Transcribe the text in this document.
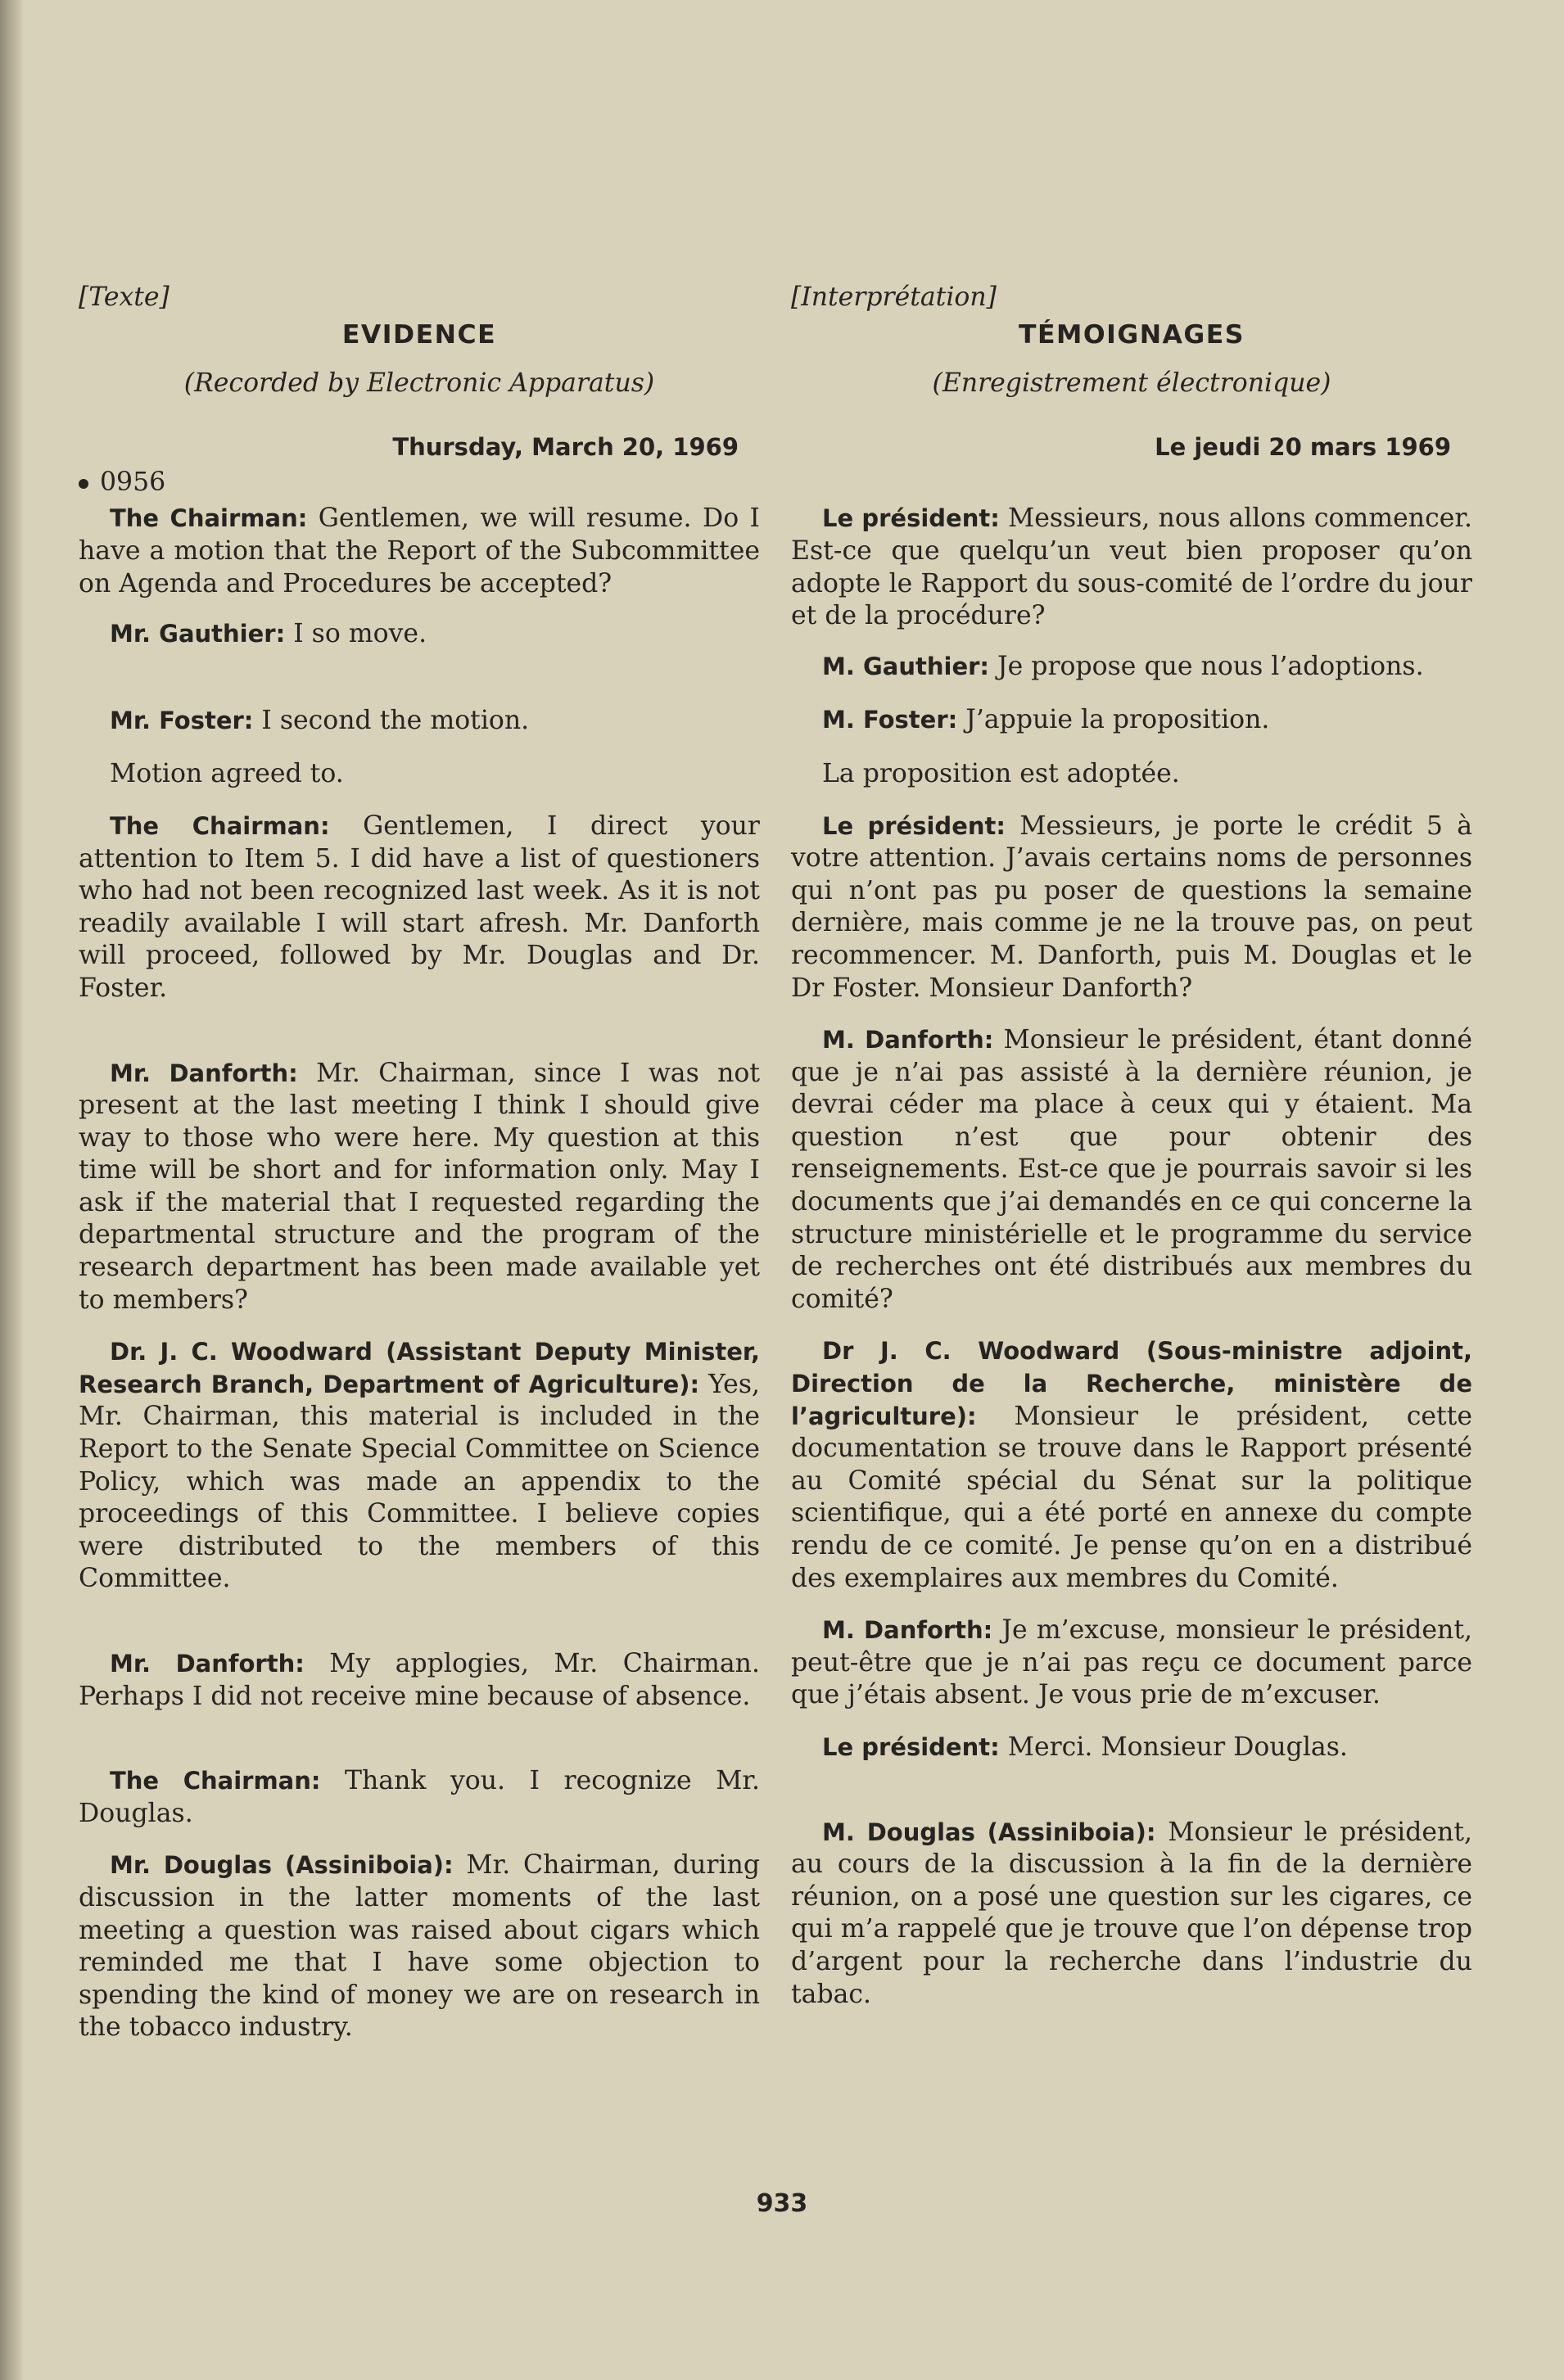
[Texte]
EVIDENCE
(Recorded by Electronic Apparatus)
Thursday, March 20, 1969
0956

The Chairman: Gentlemen, we will resume. Do I have a motion that the Report of the Subcommittee on Agenda and Procedures be accepted?

Mr. Gauthier: I so move.

Mr. Foster: I second the motion.

Motion agreed to.

The Chairman: Gentlemen, I direct your attention to Item 5. I did have a list of questioners who had not been recognized last week. As it is not readily available I will start afresh. Mr. Danforth will proceed, followed by Mr. Douglas and Dr. Foster.

Mr. Danforth: Mr. Chairman, since I was not present at the last meeting I think I should give way to those who were here. My question at this time will be short and for information only. May I ask if the material that I requested regarding the departmental structure and the program of the research department has been made available yet to members?

Dr. J. C. Woodward (Assistant Deputy Minister, Research Branch, Department of Agriculture): Yes, Mr. Chairman, this material is included in the Report to the Senate Special Committee on Science Policy, which was made an appendix to the proceedings of this Committee. I believe copies were distributed to the members of this Committee.

Mr. Danforth: My applogies, Mr. Chairman. Perhaps I did not receive mine because of absence.

The Chairman: Thank you. I recognize Mr. Douglas.

Mr. Douglas (Assiniboia): Mr. Chairman, during discussion in the latter moments of the last meeting a question was raised about cigars which reminded me that I have some objection to spending the kind of money we are on research in the tobacco industry.

[Interprétation]
TÉMOIGNAGES
(Enregistrement électronique)
Le jeudi 20 mars 1969

Le président: Messieurs, nous allons commencer. Est-ce que quelqu’un veut bien proposer qu’on adopte le Rapport du sous-comité de l’ordre du jour et de la procédure?

M. Gauthier: Je propose que nous l’adoptions.

M. Foster: J’appuie la proposition.

La proposition est adoptée.

Le président: Messieurs, je porte le crédit 5 à votre attention. J’avais certains noms de personnes qui n’ont pas pu poser de questions la semaine dernière, mais comme je ne la trouve pas, on peut recommencer. M. Danforth, puis M. Douglas et le Dr Foster. Monsieur Danforth?

M. Danforth: Monsieur le président, étant donné que je n’ai pas assisté à la dernière réunion, je devrai céder ma place à ceux qui y étaient. Ma question n’est que pour obtenir des renseignements. Est-ce que je pourrais savoir si les documents que j’ai demandés en ce qui concerne la structure ministérielle et le programme du service de recherches ont été distribués aux membres du comité?

Dr J. C. Woodward (Sous-ministre adjoint, Direction de la Recherche, ministère de l’agriculture): Monsieur le président, cette documentation se trouve dans le Rapport présenté au Comité spécial du Sénat sur la politique scientifique, qui a été porté en annexe du compte rendu de ce comité. Je pense qu’on en a distribué des exemplaires aux membres du Comité.

M. Danforth: Je m’excuse, monsieur le président, peut-être que je n’ai pas reçu ce document parce que j’étais absent. Je vous prie de m’excuser.

Le président: Merci. Monsieur Douglas.

M. Douglas (Assiniboia): Monsieur le président, au cours de la discussion à la fin de la dernière réunion, on a posé une question sur les cigares, ce qui m’a rappelé que je trouve que l’on dépense trop d’argent pour la recherche dans l’industrie du tabac.

933
